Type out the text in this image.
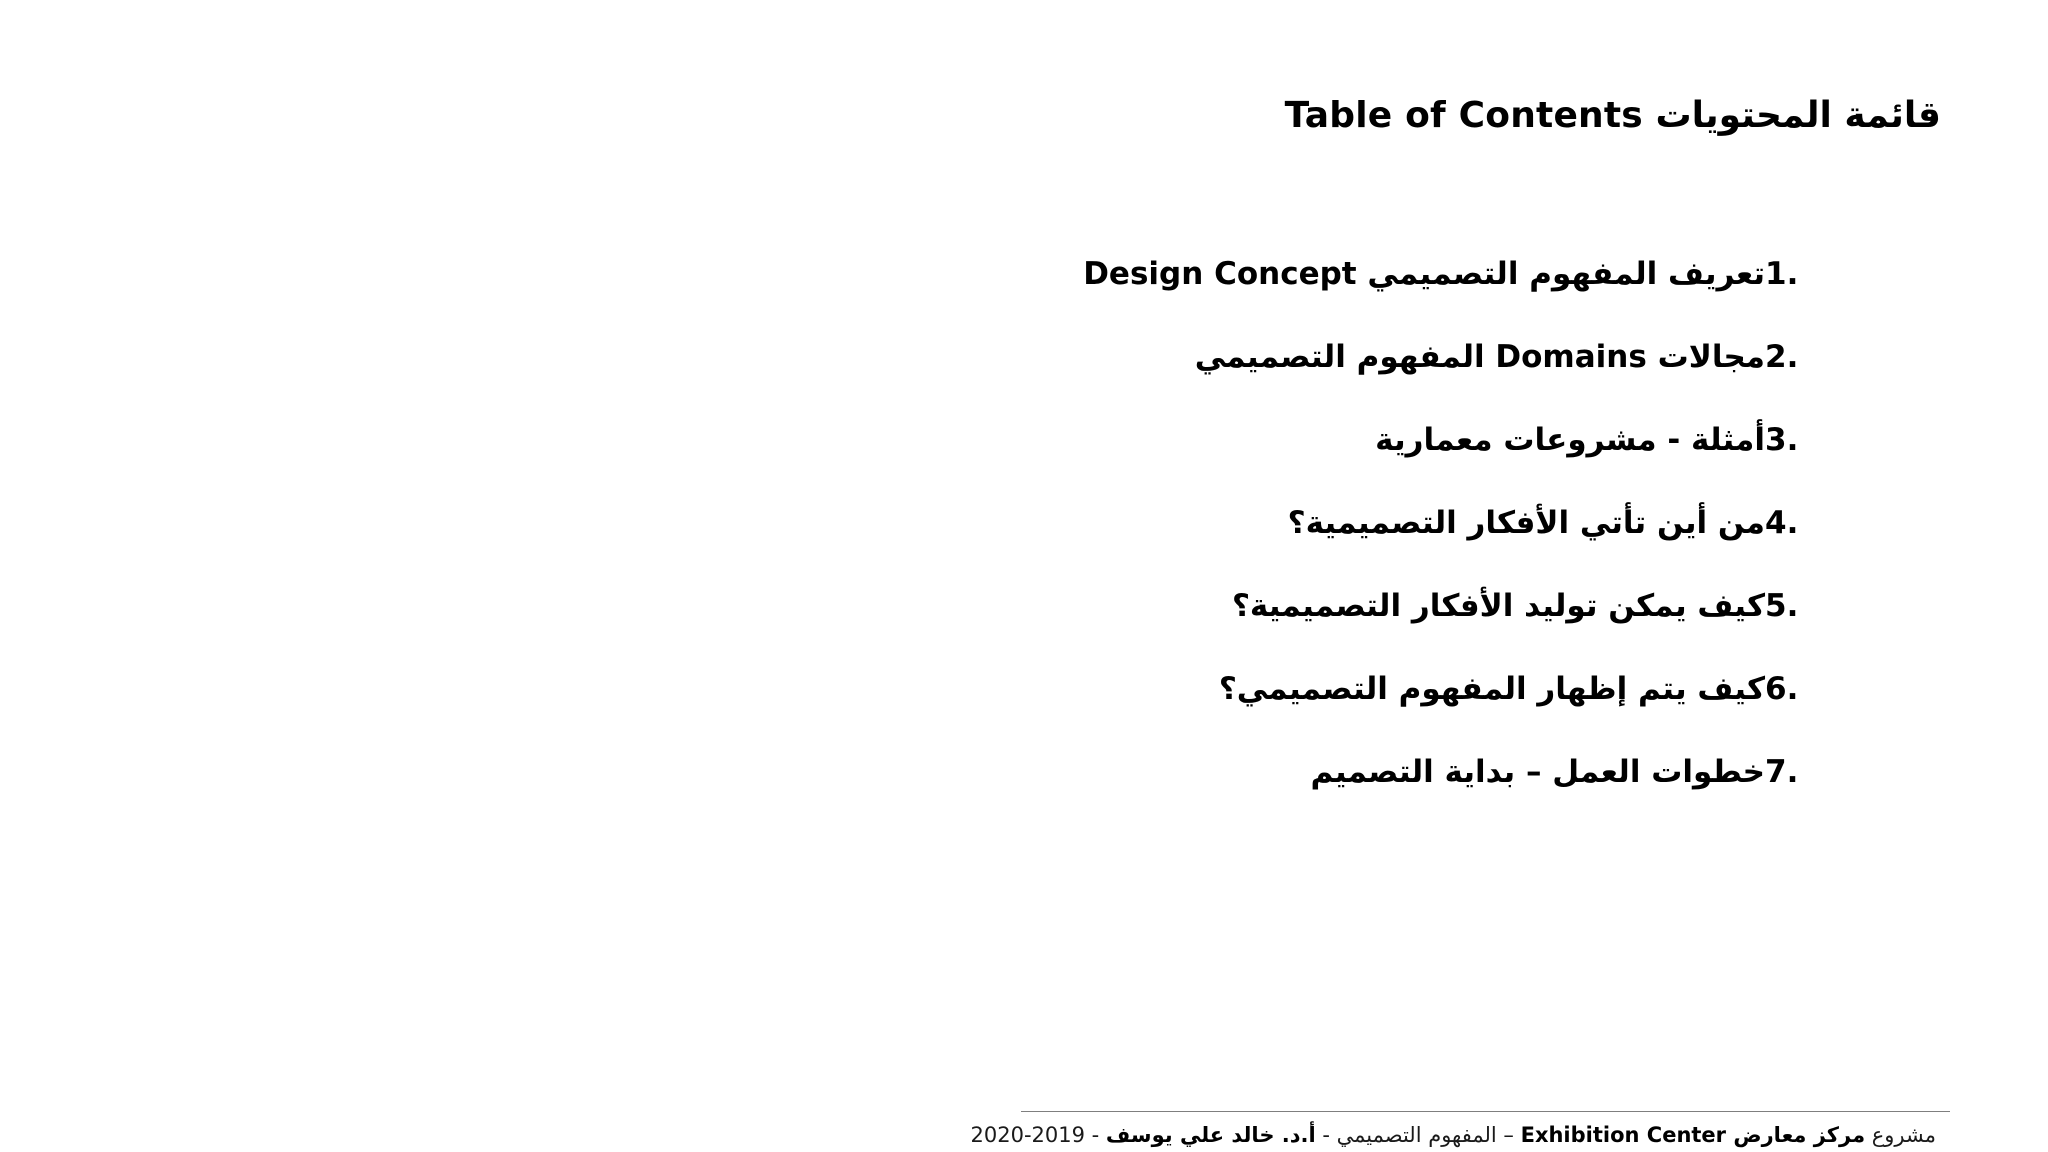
قائمة المحتويات Table of Contents
1.
تعريف المفهوم التصميمي Design Concept
2.
مجالات Domains المفهوم التصميمي
3.
أمثلة - مشروعات معمارية
4.
من أين تأتي الأفكار التصميمية؟
5.
كيف يمكن توليد الأفكار التصميمية؟
6.
كيف يتم إظهار المفهوم التصميمي؟
7.
خطوات العمل – بداية التصميم
مشروع مركز معارض Exhibition Center – المفهوم التصميمي - أ.د. خالد علي يوسف - 2019-2020
